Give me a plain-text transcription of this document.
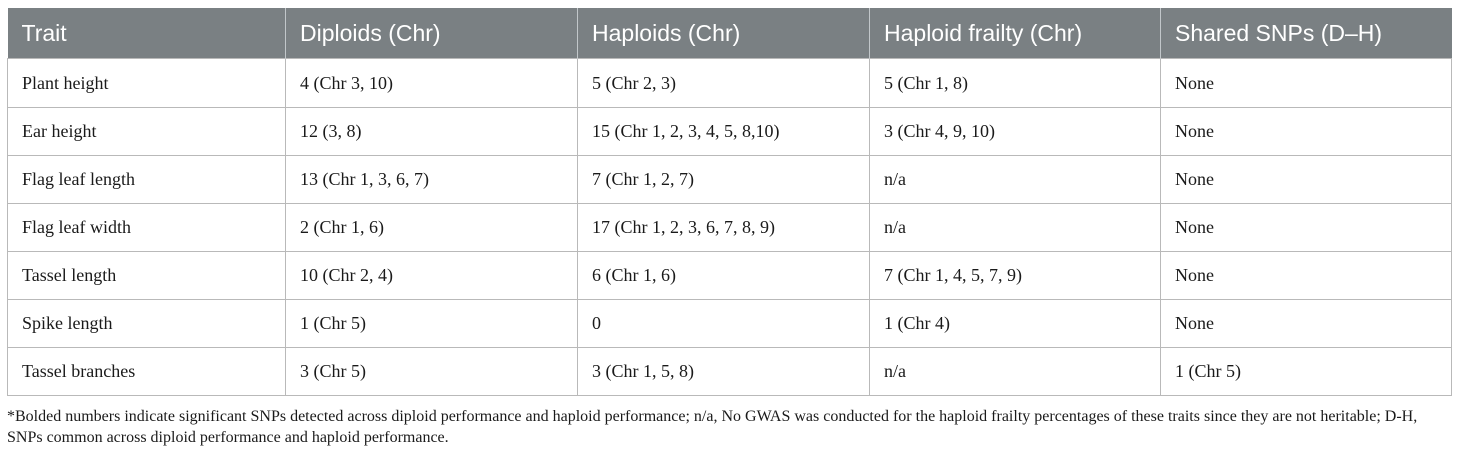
Trait	Diploids (Chr)	Haploids (Chr)	Haploid frailty (Chr)	Shared SNPs (D–H)
Plant height	4 (Chr 3, 10)	5 (Chr 2, 3)	5 (Chr 1, 8)	None
Ear height	12 (3, 8)	15 (Chr 1, 2, 3, 4, 5, 8,10)	3 (Chr 4, 9, 10)	None
Flag leaf length	13 (Chr 1, 3, 6, 7)	7 (Chr 1, 2, 7)	n/a	None
Flag leaf width	2 (Chr 1, 6)	17 (Chr 1, 2, 3, 6, 7, 8, 9)	n/a	None
Tassel length	10 (Chr 2, 4)	6 (Chr 1, 6)	7 (Chr 1, 4, 5, 7, 9)	None
Spike length	1 (Chr 5)	0	1 (Chr 4)	None
Tassel branches	3 (Chr 5)	3 (Chr 1, 5, 8)	n/a	1 (Chr 5)
*Bolded numbers indicate significant SNPs detected across diploid performance and haploid performance; n/a, No GWAS was conducted for the haploid frailty percentages of these traits since they are not heritable; D-H, SNPs common across diploid performance and haploid performance.
